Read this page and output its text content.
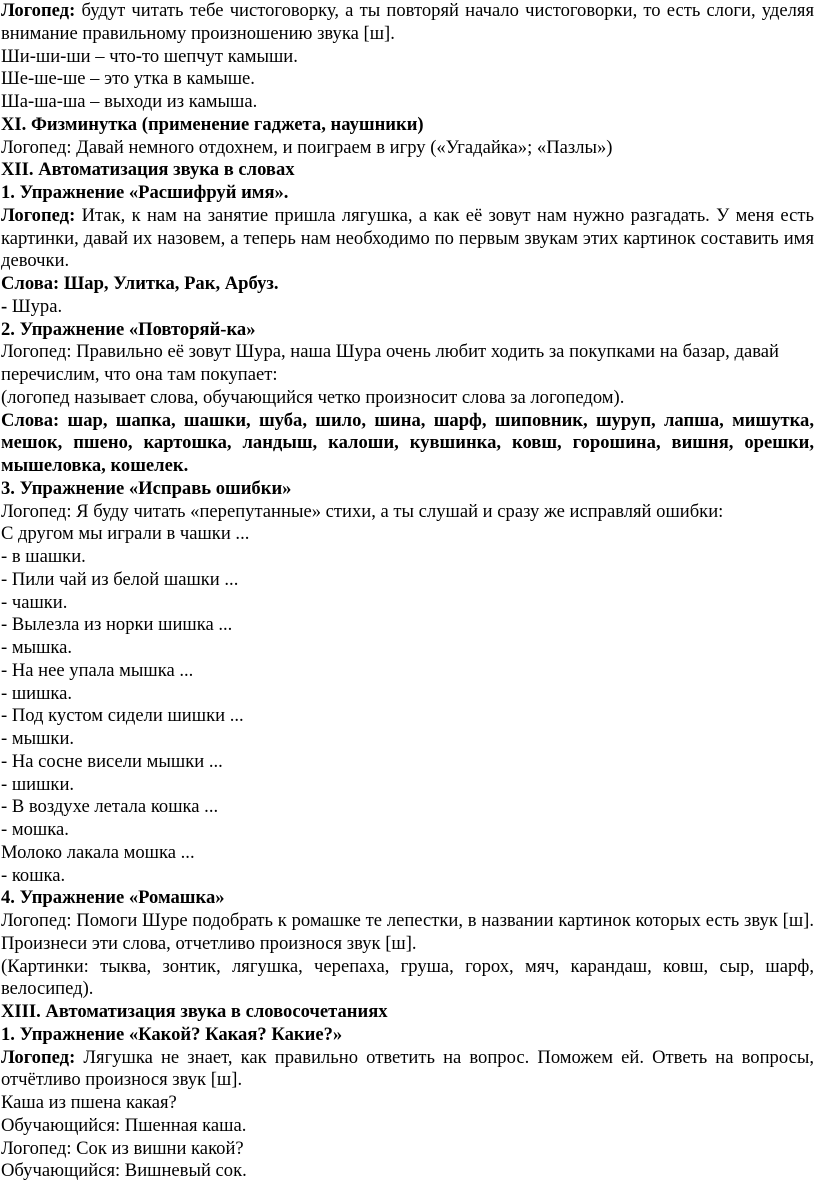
Логопед: будут читать тебе чистоговорку, а ты повторяй начало чистоговорки, то есть слоги, уделяя внимание правильному произношению звука [ш].

Ши-ши-ши – что-то шепчут камыши.

Ше-ше-ше – это утка в камыше.

Ша-ша-ша – выходи из камыша.

XI. Физминутка (применение гаджета, наушники)

Логопед: Давай немного отдохнем, и поиграем в игру («Угадайка»; «Пазлы»)

XII. Автоматизация звука в словах

1. Упражнение «Расшифруй имя».

Логопед: Итак, к нам на занятие пришла лягушка, а как её зовут нам нужно разгадать. У меня есть картинки, давай их назовем, а теперь нам необходимо по первым звукам этих картинок составить имя девочки.

Слова: Шар, Улитка, Рак, Арбуз.

- Шура.

2. Упражнение «Повторяй-ка»

Логопед: Правильно её зовут Шура, наша Шура очень любит ходить за покупками на базар, давай перечислим, что она там покупает:

(логопед называет слова, обучающийся четко произносит слова за логопедом).

Слова: шар, шапка, шашки, шуба, шило, шина, шарф, шиповник, шуруп, лапша, мишутка, мешок, пшено, картошка, ландыш, калоши, кувшинка, ковш, горошина, вишня, орешки, мышеловка, кошелек.

3. Упражнение «Исправь ошибки»

Логопед: Я буду читать «перепутанные» стихи, а ты слушай и сразу же исправляй ошибки:

С другом мы играли в чашки ...

- в шашки.

- Пили чай из белой шашки ...

- чашки.

- Вылезла из норки шишка ...

- мышка.

- На нее упала мышка ...

- шишка.

- Под кустом сидели шишки ...

- мышки.

- На сосне висели мышки ...

- шишки.

- В воздухе летала кошка ...

- мошка.

Молоко лакала мошка ...

- кошка.

4. Упражнение «Ромашка»

Логопед: Помоги Шуре подобрать к ромашке те лепестки, в названии картинок которых есть звук [ш]. Произнеси эти слова, отчетливо произнося звук [ш].

(Картинки: тыква, зонтик, лягушка, черепаха, груша, горох, мяч, карандаш, ковш, сыр, шарф, велосипед).

XIII. Автоматизация звука в словосочетаниях

1. Упражнение «Какой? Какая? Какие?»

Логопед: Лягушка не знает, как правильно ответить на вопрос. Поможем ей. Ответь на вопросы, отчётливо произнося звук [ш].

Каша из пшена какая?

Обучающийся: Пшенная каша.

Логопед: Сок из вишни какой?

Обучающийся: Вишневый сок.
